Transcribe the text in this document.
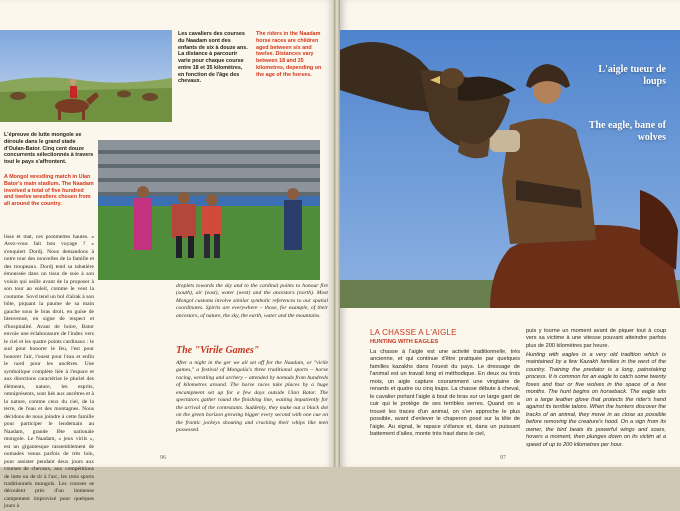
Les cavaliers des courses du Naadam sont des enfants de six à douze ans. La distance à parcourir varie pour chaque course entre 18 et 35 kilomètres, en fonction de l'âge des chevaux.

The riders in the Naadam horse races are children aged between six and twelve. Distances vary between 18 and 35 kilometres, depending on the age of the horses.

L'épreuve de lutte mongole se déroule dans le grand stade d'Oulan-Bator. Cinq cent douze concurrents sélectionnés à travers tout le pays s'affrontent.

A Mongol wrestling match in Ulan Bator's main stadium. The Naadam involved a total of five hundred and twelve wrestlers chosen from all around the country.

lisse et mat, ces pommettes hautes. « Avez-vous fait bon voyage ? » s'enquiert Dordj. Nous demandons à notre tour des nouvelles de la famille et des troupeaux. Dordj tend sa tabatière émoussée dans un tissu de soie à son voisin qui usille avant de la proposer à son tour au soleil, comme le veut la coutume. Sovd tend un bol d'aïrak à son hôte, piquant la paume de sa main gauche sous le bras droit, en guise de bienvenue, en signe de respect et d'hospitalité. Avant de boire, Bator envoie une éclaboussure de l'index vers le ciel et les quatre points cardinaux : le sud pour honorer le feu, l'est pour honorer l'air, l'ouest pour l'eau et enfin le nord pour les ancêtres. Une symbolique complète liée à l'espace et aux directions caractérise le pluriel des éléments, nature, les esprits, omniprésents, sont liés aux ancêtres et à la nature, comme ceux du ciel, de la terre, de l'eau et des montagnes. Nous décidons de nous joindre à cette famille pour participer le lendemain au Naadam, grande fête nationale mongole. Le Naadam, « jeux virils », est un gigantesque rassemblement de nomades venus parfois de très loin, pour assister pendant deux jours aux courses de chevaux, aux compétitions de lutte ou de tir à l'arc, les trois sports traditionnels mongols. Les courses se déroulent près d'un immense campement improvisé pour quelques jours à
droplets towards the sky and to the cardinal points to honour fire (south), air (east), water (west) and the ancestors (north). Most Mongol customs involve similar symbolic references to our spatial coordinates. Spirits are everywhere – those, for example, of their ancestors, of nature, the sky, the earth, water and the mountains.
The "Virile Games"
After a night in the ger we all set off for the Naadam, or "virile games," a festival of Mongolia's three traditional sports – horse racing, wrestling and archery – attended by nomads from hundreds of kilometres around. The horse races take places by a huge encampment set up for a few days outside Ulan Bator. The spectators gather round the finishing line, waiting impatiently for the arrival of the contestants. Suddenly, they make out a black dot on the green horizon growing bigger every second with one cue on the frantic jockeys shouting and cracking their whips like men possessed.
96
L'aigle tueur de loups
The eagle, bane of wolves
LA CHASSE A L'AIGLE
HUNTING WITH EAGLES
La chasse à l'aigle est une activité traditionnelle, très ancienne, et qui continue d'être pratiquée par quelques familles kazakhs dans l'ouest du pays. Le dressage de l'animal est un travail long et méthodique. En deux ou trois mois, un aigle capture couramment une vingtaine de renards et quatre ou cinq loups. La chasse débute à cheval, le cavalier portant l'aigle à bout de bras sur un large gant de cuir qui le protège de ses terribles serres. Quand on a trouvé les traces d'un animal, on s'en approche le plus possible, avant d'enlever le chaperon posé sur la tête de l'aigle. Au signal, le rapace s'élance et, dans un puissant battement d'ailes, monte très haut dans le ciel,
puis y tourne un moment avant de piquer tout à coup vers sa victime à une vitesse pouvant atteindre parfois plus de 200 kilomètres par heure.
Hunting with eagles is a very old tradition which is maintained by a few Kazakh families in the west of the country. Training the predator is a long, painstaking process. It is common for an eagle to catch some twenty foxes and four or five wolves in the space of a few months. The hunt begins on horseback. The eagle sits on a large leather glove that protects the rider's hand against its terrible talons. When the hunters discover the tracks of an animal, they move in as close as possible before removing the creature's hood. On a sign from its owner, the bird beats its powerful wings and soars, hovers a moment, then plunges down on its victim at a speed of up to 200 kilometres per hour.
97
